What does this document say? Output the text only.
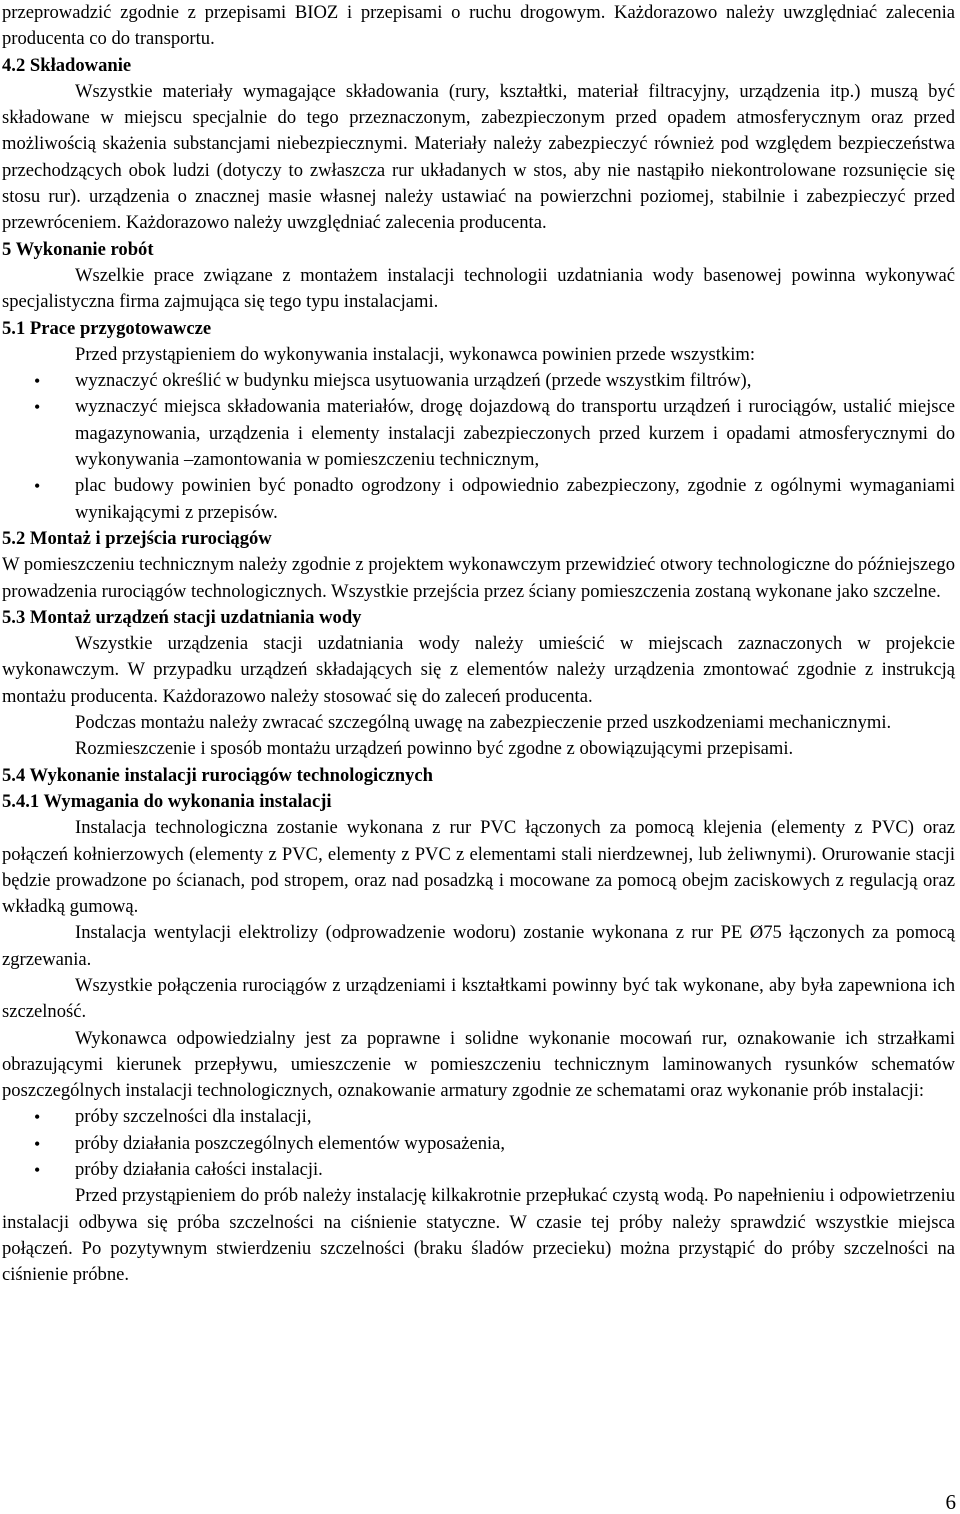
przeprowadzić zgodnie z przepisami BIOZ i przepisami o ruchu drogowym. Każdorazowo należy uwzględniać zalecenia producenta co do transportu.

4.2 Składowanie

Wszystkie materiały wymagające składowania (rury, kształtki, materiał filtracyjny, urządzenia itp.) muszą być składowane w miejscu specjalnie do tego przeznaczonym, zabezpieczonym przed opadem atmosferycznym oraz przed możliwością skażenia substancjami niebezpiecznymi. Materiały należy zabezpieczyć również pod względem bezpieczeństwa przechodzących obok ludzi (dotyczy to zwłaszcza rur układanych w stos, aby nie nastąpiło niekontrolowane rozsunięcie się stosu rur). urządzenia o znacznej masie własnej należy ustawiać na powierzchni poziomej, stabilnie i zabezpieczyć przed przewróceniem. Każdorazowo należy uwzględniać zalecenia producenta.

5 Wykonanie robót

Wszelkie prace związane z montażem instalacji technologii uzdatniania wody basenowej powinna wykonywać specjalistyczna firma zajmująca się tego typu instalacjami.

5.1 Prace przygotowawcze

Przed przystąpieniem do wykonywania instalacji, wykonawca powinien przede wszystkim:

• wyznaczyć określić w budynku miejsca usytuowania urządzeń (przede wszystkim filtrów),
• wyznaczyć miejsca składowania materiałów, drogę dojazdową do transportu urządzeń i rurociągów, ustalić miejsce magazynowania, urządzenia i elementy instalacji zabezpieczonych przed kurzem i opadami atmosferycznymi do wykonywania –zamontowania w pomieszczeniu technicznym,
• plac budowy powinien być ponadto ogrodzony i odpowiednio zabezpieczony, zgodnie z ogólnymi wymaganiami wynikającymi z przepisów.

5.2 Montaż i przejścia rurociągów

W pomieszczeniu technicznym należy zgodnie z projektem wykonawczym przewidzieć otwory technologiczne do późniejszego prowadzenia rurociągów technologicznych. Wszystkie przejścia przez ściany pomieszczenia zostaną wykonane jako szczelne.

5.3 Montaż urządzeń stacji uzdatniania wody

Wszystkie urządzenia stacji uzdatniania wody należy umieścić w miejscach zaznaczonych w projekcie wykonawczym. W przypadku urządzeń składających się z elementów należy urządzenia zmontować zgodnie z instrukcją montażu producenta. Każdorazowo należy stosować się do zaleceń producenta.

Podczas montażu należy zwracać szczególną uwagę na zabezpieczenie przed uszkodzeniami mechanicznymi.

Rozmieszczenie i sposób montażu urządzeń powinno być zgodne z obowiązującymi przepisami.

5.4 Wykonanie instalacji rurociągów technologicznych

5.4.1 Wymagania do wykonania instalacji

Instalacja technologiczna zostanie wykonana z rur PVC łączonych za pomocą klejenia (elementy z PVC) oraz połączeń kołnierzowych (elementy z PVC, elementy z PVC z elementami stali nierdzewnej, lub żeliwnymi). Orurowanie stacji będzie prowadzone po ścianach, pod stropem, oraz nad posadzką i mocowane za pomocą obejm zaciskowych z regulacją oraz wkładką gumową.

Instalacja wentylacji elektrolizy (odprowadzenie wodoru) zostanie wykonana z rur PE Ø75 łączonych za pomocą zgrzewania.

Wszystkie połączenia rurociągów z urządzeniami i kształtkami powinny być tak wykonane, aby była zapewniona ich szczelność.

Wykonawca odpowiedzialny jest za poprawne i solidne wykonanie mocowań rur, oznakowanie ich strzałkami obrazującymi kierunek przepływu, umieszczenie w pomieszczeniu technicznym laminowanych rysunków schematów poszczególnych instalacji technologicznych, oznakowanie armatury zgodnie ze schematami oraz wykonanie prób instalacji:

• próby szczelności dla instalacji,
• próby działania poszczególnych elementów wyposażenia,
• próby działania całości instalacji.

Przed przystąpieniem do prób należy instalację kilkakrotnie przepłukać czystą wodą. Po napełnieniu i odpowietrzeniu instalacji odbywa się próba szczelności na ciśnienie statyczne. W czasie tej próby należy sprawdzić wszystkie miejsca połączeń. Po pozytywnym stwierdzeniu szczelności (braku śladów przecieku) można przystąpić do próby szczelności na ciśnienie próbne.

6
